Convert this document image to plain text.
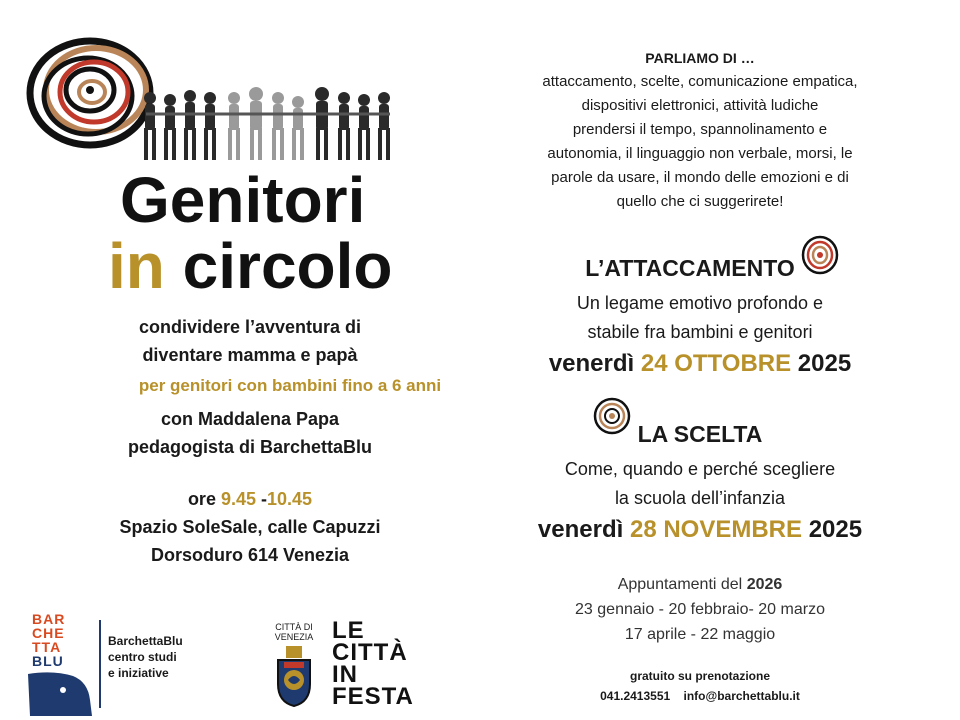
Genitori
in circolo
condividere l’avventura di
diventare mamma e papà
per genitori con bambini fino a 6 anni
con Maddalena Papa
pedagogista di BarchettaBlu
ore 9.45 -10.45
Spazio SoleSale, calle Capuzzi
Dorsoduro 614 Venezia
PARLIAMO DI …
attaccamento, scelte, comunicazione empatica,
dispositivi elettronici, attività ludiche
prendersi il tempo, spannolinamento e
autonomia, il linguaggio non verbale, morsi, le
parole da usare, il mondo delle emozioni e di
quello che ci suggerirete!
L’ATTACCAMENTO
Un legame emotivo profondo e
stabile fra bambini e genitori
venerdì 24 OTTOBRE 2025
LA SCELTA
Come, quando e perché scegliere
la scuola dell’infanzia
venerdì 28 NOVEMBRE 2025
Appuntamenti del 2026
23 gennaio - 20 febbraio- 20 marzo
17 aprile - 22 maggio
gratuito su prenotazione
041.2413551 info@barchettablu.it
BAR
CHE
TTA
BLU
BarchettaBlu
centro studi
e iniziative
CITTÀ DI
VENEZIA LE
CITTÀ
IN
FESTA
